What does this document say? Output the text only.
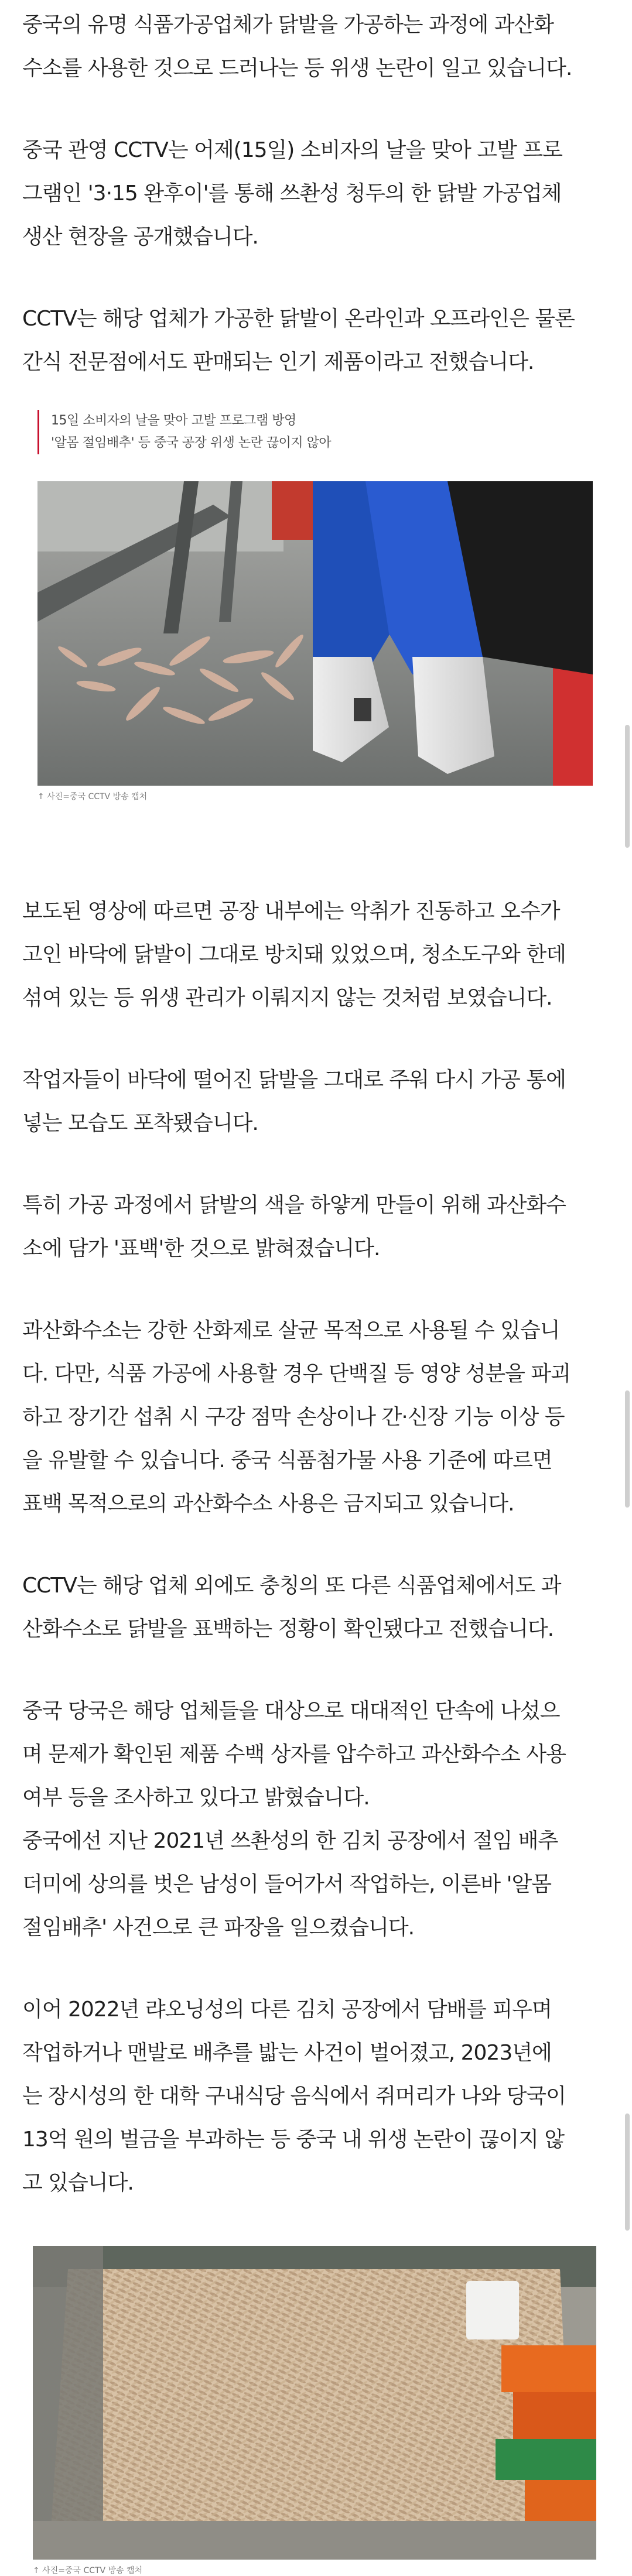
중국의 유명 식품가공업체가 닭발을 가공하는 과정에 과산화
수소를 사용한 것으로 드러나는 등 위생 논란이 일고 있습니다.
중국 관영 CCTV는 어제(15일) 소비자의 날을 맞아 고발 프로
그램인 '3·15 완후이'를 통해 쓰촨성 청두의 한 닭발 가공업체
생산 현장을 공개했습니다.
CCTV는 해당 업체가 가공한 닭발이 온라인과 오프라인은 물론
간식 전문점에서도 판매되는 인기 제품이라고 전했습니다.
15일 소비자의 날을 맞아 고발 프로그램 방영
'알몸 절임배추' 등 중국 공장 위생 논란 끊이지 않아
↑ 사진=중국 CCTV 방송 캡처
보도된 영상에 따르면 공장 내부에는 악취가 진동하고 오수가
고인 바닥에 닭발이 그대로 방치돼 있었으며, 청소도구와 한데
섞여 있는 등 위생 관리가 이뤄지지 않는 것처럼 보였습니다.
작업자들이 바닥에 떨어진 닭발을 그대로 주워 다시 가공 통에
넣는 모습도 포착됐습니다.
특히 가공 과정에서 닭발의 색을 하얗게 만들이 위해 과산화수
소에 담가 '표백'한 것으로 밝혀졌습니다.
과산화수소는 강한 산화제로 살균 목적으로 사용될 수 있습니
다. 다만, 식품 가공에 사용할 경우 단백질 등 영양 성분을 파괴
하고 장기간 섭취 시 구강 점막 손상이나 간·신장 기능 이상 등
을 유발할 수 있습니다. 중국 식품첨가물 사용 기준에 따르면
표백 목적으로의 과산화수소 사용은 금지되고 있습니다.
CCTV는 해당 업체 외에도 충칭의 또 다른 식품업체에서도 과
산화수소로 닭발을 표백하는 정황이 확인됐다고 전했습니다.
중국 당국은 해당 업체들을 대상으로 대대적인 단속에 나섰으
며 문제가 확인된 제품 수백 상자를 압수하고 과산화수소 사용
여부 등을 조사하고 있다고 밝혔습니다.
중국에선 지난 2021년 쓰촨성의 한 김치 공장에서 절임 배추
더미에 상의를 벗은 남성이 들어가서 작업하는, 이른바 '알몸
절임배추' 사건으로 큰 파장을 일으켰습니다.
이어 2022년 랴오닝성의 다른 김치 공장에서 담배를 피우며
작업하거나 맨발로 배추를 밟는 사건이 벌어졌고, 2023년에
는 장시성의 한 대학 구내식당 음식에서 쥐머리가 나와 당국이
13억 원의 벌금을 부과하는 등 중국 내 위생 논란이 끊이지 않
고 있습니다.
↑ 사진=중국 CCTV 방송 캡처
